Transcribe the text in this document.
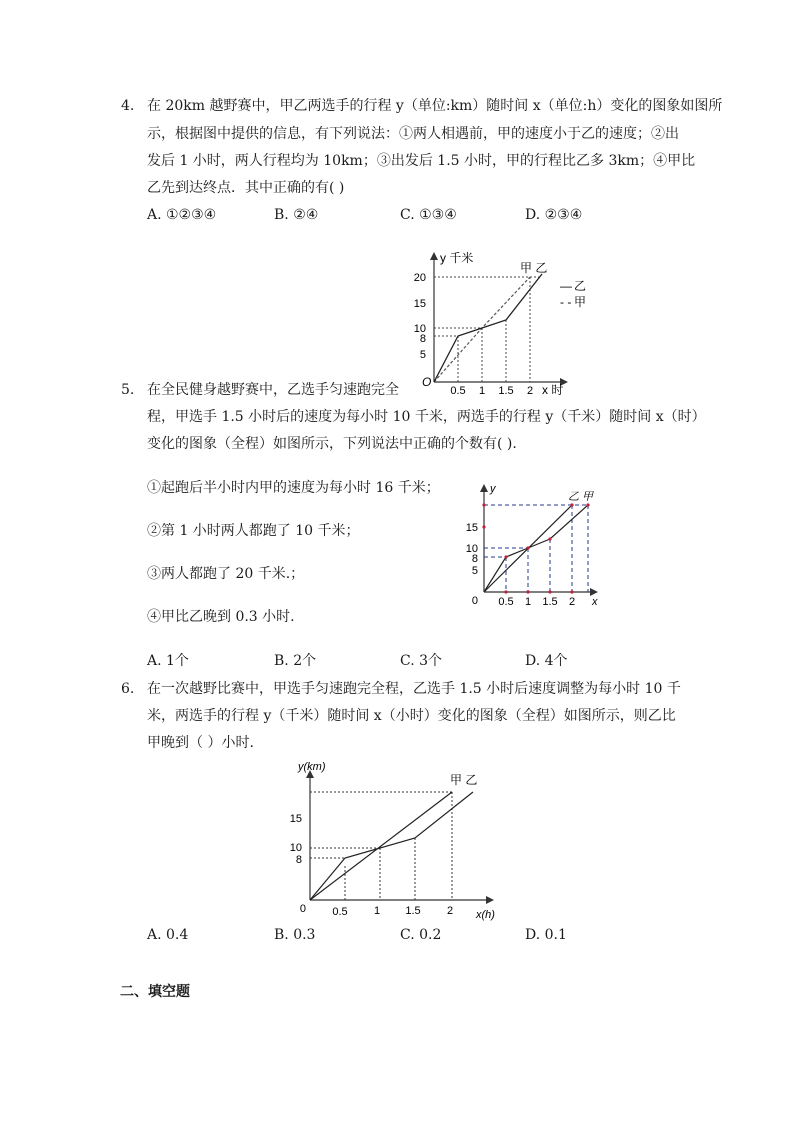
4. 在 20km 越野赛中，甲乙两选手的行程 y（单位:km）随时间 x（单位:h）变化的图象如图所
示，根据图中提供的信息，有下列说法：①两人相遇前，甲的速度小于乙的速度；②出
发后 1 小时，两人行程均为 10km；③出发后 1.5 小时，甲的行程比乙多 3km；④甲比
乙先到达终点．其中正确的有( )
A. ①②③④	B. ②④	C. ①③④	D. ②③④
20
15
10
8
5
0.5 1 1.5 2
O
x 时
y 千米
甲 乙
— 乙
- - 甲
5. 在全民健身越野赛中，乙选手匀速跑完全
程，甲选手 1.5 小时后的速度为每小时 10 千米，两选手的行程 y（千米）随时间 x（时）
变化的图象（全程）如图所示，下列说法中正确的个数有( ).
①起跑后半小时内甲的速度为每小时 16 千米；
②第 1 小时两人都跑了 10 千米；
③两人都跑了 20 千米.；
④甲比乙晚到 0.3 小时.
15
10
8
5
0 0.5 1 1.5 2 x
y
乙 甲
A. 1个	B. 2个	C. 3个	D. 4个
6. 在一次越野比赛中，甲选手匀速跑完全程，乙选手 1.5 小时后速度调整为每小时 10 千
米，两选手的行程 y（千米）随时间 x（小时）变化的图象（全程）如图所示，则乙比
甲晚到（ ）小时.
15
10
8
0 0.5 1 1.5 2 x(h)
y(km)
甲 乙
A. 0.4	B. 0.3	C. 0.2	D. 0.1
二、填空题
